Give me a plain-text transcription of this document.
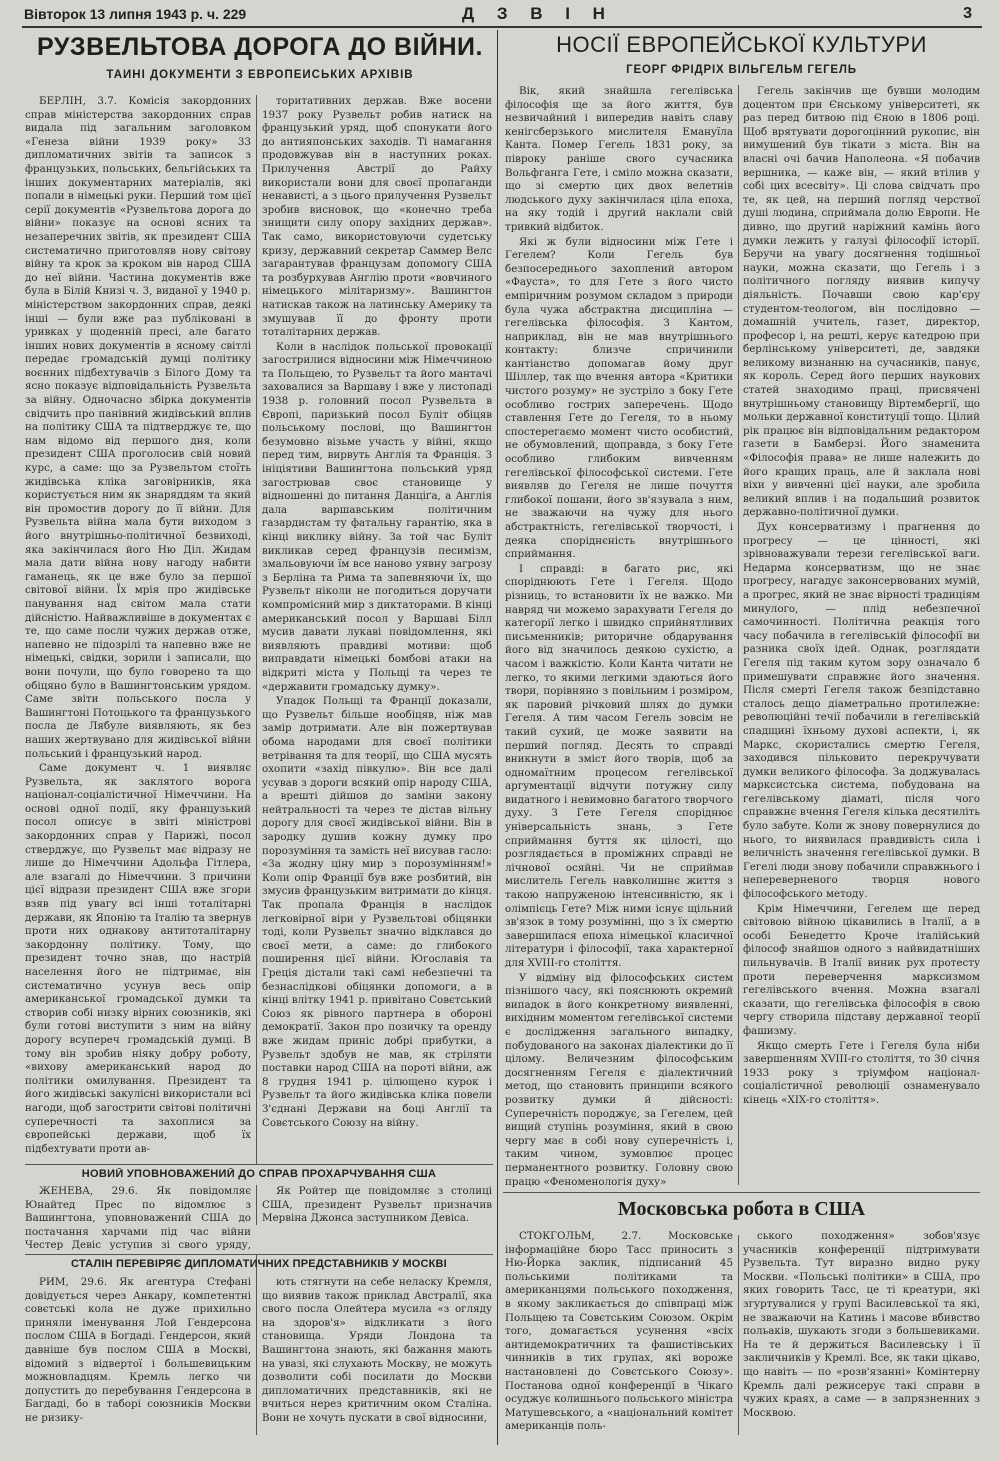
Вівторок 13 липня 1943 р. ч. 229	Д З В І Н	3
РУЗВЕЛЬТОВА ДОРОГА ДО ВІЙНИ.
ТАЙНІ ДОКУМЕНТИ З ЕВРОПЕЙСЬКИХ АРХІВІВ

БЕРЛІН, 3.7. Комісія закордонних справ міністерства закордонних справ видала під загальним заголовком «Генеза війни 1939 року» 33 дипломатичних звітів та записок з французьких, польських, бельгійських та інших документарних матеріалів, які попали в німецькі руки. Перший том цієї серії документів «Рузвельтова дорога до війни» показує на основі ясних та незаперечних звітів, як президент США систематично приготовляв нову світову війну та крок за кроком вів народ США до неї війни. Частина документів вже була в Білій Книзі ч. 3, виданої у 1940 р. міністерством закордонних справ, деякі інші — були вже раз публіковані в уривках у щоденній пресі, але багато інших нових документів в ясному світлі передає громадській думці політику воєнних підбехтувачів з Білого Дому та ясно показує відповідальність Рузвельта за війну. Одночасно збірка документів свідчить про панівний жидівський вплив на політику США та підтверджує те, що нам відомо від першого дня, коли президент США проголосив свій новий курс, а саме: що за Рузвельтом стоїть жидівська кліка заговірників, яка користується ним як знаряддям та який він промостив дорогу до її війни. Для Рузвельта війна мала бути виходом з його внутрішньо-політичної безвиході, яка закінчилася його Ню Діл. Жидам мала дати війна нову нагоду набити гаманець, як це вже було за першої світової війни. Їх мрія про жидівське панування над світом мала стати дійсністю. Найважливіше в документах є те, що саме посли чужих держав отже, напевно не підозрілі та напевно вже не німецькі, свідки, зорили і записали, що вони почули, що було говорено та що обіцяно було в Вашингтонським урядом. Саме звіти польського посла у Вашингтоні Потоцького та французького посла де Лябуле виявляють, як без наших жертвувано для жидівської війни польський і французький народ.

Саме документ ч. 1 виявляє Рузвельта, як заклятого ворога націонал-соціалістичної Німеччини. На основі одної події, яку французький посол описує в звіті міністрові закордонних справ у Парижі, посол стверджує, що Рузвельт має відразу не лише до Німеччини Адольфа Гітлера, але взагалі до Німеччини. З причини цієї відрази президент США вже згори взяв під увагу всі інші тоталітарні держави, як Японію та Італію та звернув проти них однакову антитоталітарну закордонну політику. Тому, що президент точно знав, що настрій населення його не підтримає, він систематично усунув весь опір американської громадської думки та створив собі низку вірних союзників, які були готові виступити з ним на війну дорогу всупереч громадській думці. В тому він зробив ніяку добру роботу, «вихову американський народ до політики омилування. Президент та його жидівські закулісні використали всі нагоди, щоб загострити світові політичні суперечності та захоплися за європейські держави, щоб їх підбехтувати проти ав-

торитативних держав. Вже восени 1937 року Рузвельт робив натиск на французький уряд, щоб спонукати його до антияпонських заходів. Ті намагання продовжував він в наступних роках. Прилучення Австрії до Райху використали вони для своєї пропаганди ненависті, а з цього прилучення Рузвельт зробив висновок, що «конечно треба знищити силу опору західних держав». Так само, використовуючи судетську кризу, державний секретар Саммер Велс загарантував французам допомогу США та розбурхував Англію проти «вовчиного німецького мілітаризму». Вашингтон натискав також на латинську Америку та змушував її до фронту проти тоталітарних держав.

Коли в наслідок польської провокації загострилися відносини між Німеччиною та Польщею, то Рузвельт та його мантачі заховалися за Варшаву і вже у листопаді 1938 р. головний посол Рузвельта в Європі, паризький посол Буліт обіцяв польському послові, що Вашингтон безумовно візьме участь у війні, якщо перед тим, вирвуть Англія та Франція. З ініціятиви Вашингтона польський уряд загострював своє становище у відношенні до питання Данціґа, а Англія дала варшавським політичним газардистам ту фатальну гарантію, яка в кінці виклику війну. За той час Буліт викликав серед французів песимізм, змальовуючи їм все наново уявну загрозу з Берліна та Рима та запевняючи їх, що Рузвельт ніколи не погодиться доручати компромісний мир з диктаторами. В кінці американський посол у Варшаві Білл мусив давати лукаві повідомлення, які виявляють правдиві мотиви: щоб виправдати німецькі бомбові атаки на відкриті міста у Польщі та через те «державити громадську думку».

Упадок Польщі та Франції доказали, що Рузвельт більше нообіцяв, ніж мав замір дотримати. Але він пожертвував обома народами для своєї політики ветрівання та для теорії, що США мусять охопити «захід півкулю». Він все далі усував з дороги всякий опір народу США, а врешті дійшов до заміни закону нейтральності та через те дістав вільну дорогу для своєї жидівської війни. Він в зародку душив кожну думку про порозуміння та замість неї висував гасло: «За жодну ціну мир з порозумінням!» Коли опір Франції був вже розбитий, він змусив французьким витримати до кінця. Так пропала Франція в наслідок легковірної віри у Рузвельтові обіцянки тоді, коли Рузвельт значно відклався до своєї мети, а саме: до глибокого поширення цієї війни. Югославія та Греція дістали такі самі небезпечні та безнаслідкові обіцянки допомоги, а в кінці влітку 1941 р. привітано Совєтський Союз як рівного партнера в обороні демократії. Закон про позичку та оренду вже жидам приніс добрі прибутки, а Рузвельт здобув не мав, як стріляти поставки народ США на пороті війни, аж 8 грудня 1941 р. цілющено курок і Рузвельт та його жидівська кліка повели З'єднані Держави на боці Англії та Совєтського Союзу на війну.

НОВИЙ УПОВНОВАЖЕНИЙ ДО СПРАВ ПРОХАРЧУВАННЯ США

ЖЕНЕВА, 29.6. Як повідомляє Юнайтед Прес по відомлює з Вашингтона, уповноважений США до постачання харчами під час війни Честер Девіс уступив зі свого уряду,

Як Ройтер ще повідомляє з столиці США, президент Рузвельт призначив Мервіна Джонса заступником Девіса.

СТАЛІН ПЕРЕВІРЯЄ ДИПЛОМАТИЧНИХ ПРЕДСТАВНИКІВ У МОСКВІ

РИМ, 29.6. Як агентура Стефані довідується через Анкару, компетентні совєтські кола не дуже прихильно приняли іменування Лой Гендерсона послом США в Богдаді. Гендерсон, який давніше був послом США в Москві, відомий з відвертої і большевицьким можновладцям. Кремль легко чи допустить до перебування Гендерсона в Багдаді, бо в таборі союзників Москви не ризику-

ють стягнути на себе неласку Кремля, що виявив також приклад Австралії, яка свого посла Олейтера мусила «з огляду на здоров'я» відкликати з його становища. Уряди Лондона та Вашингтона знають, які бажання мають на увазі, які слухають Москву, не можуть дозволити собі посилати до Москви дипломатичних представників, які не вчиться нерез критичним оком Сталіна. Вони не хочуть пускати в свої відносини,

НОСІЇ ЕВРОПЕЙСЬКОЇ КУЛЬТУРИ
ГЕОРГ ФРІДРІХ ВІЛЬГЕЛЬМ ГЕГЕЛЬ

Вік, який знайшла гегелівська філософія ще за його життя, був незвичайний і випередив навіть славу кенігсберзького мислителя Емануїла Канта. Помер Гегель 1831 року, за півроку раніше свого сучасника Вольфганга Гете, і сміло можна сказати, що зі смертю цих двох велетнів людського духу закінчилася ціла епоха, на яку тодій і другий наклали свій тривкий відбиток.

Які ж були відносини між Гете і Гегелем? Коли Гегель був безпосереднього захоплений автором «Фауста», то для Гете з його чисто емпіричним розумом складом з природи була чужа абстрактна дисципліна — гегелівська філософія. З Кантом, наприклад, він не мав внутрішнього контакту: близче спричинили кантіанство допомагав йому друг Шіллер, так що вчення автора «Критики чистого розуму» не зустріло з боку Гете особливо гострих заперечень. Щодо ставлення Гете до Гегеля, то в ньому спостерегаємо момент чисто особистий, не обумовлений, щоправда, з боку Гете особливо глибоким вивченням гегелівської філософської системи. Гете виявляв до Гегеля не лише почуття глибокої пошани, його зв'язувала з ним, не зважаючи на чужу для нього абстрактність, гегелівської творчості, і деяка споріднєність внутрішнього сприймання.

І справді: в багато рис, які споріднюють Гете і Гегеля. Щодо різниць, то встановити їх не важко. Ми навряд чи можемо зарахувати Гегеля до категорії легко і швидко сприйнятливих письменників; риторичне обдарування його від значилось деякою сухістю, а часом і важкістю. Коли Канта читати не легко, то якими легкими здаються його твори, порівняно з повільним і розміром, як паровий річковий шлях до думки Гегеля. А тим часом Гегель зовсім не такий сухий, це може заявити на перший погляд. Десять то справді вникнути в зміст його творів, щоб за одномаїтним процесом гегелівської аргументації відчути потужну силу видатного і невимовно багатого творчого духу. З Гете Гегеля споріднює універсальність знань, з Гете сприймання буття як цілості, що розглядається в проміжних справді не лічнової осяйні. Чи не сприймав мислитель Гегель навколишнє життя з такою напруженою інтенсивністю, як і олімпієць Гете? Між ними існує щільний зв'язок в тому розумінні, що з їх смертю завершилася епоха німецької класичної літератури і філософії, така характерної для XVIII-го століття.

У відміну від філософських систем пізнішого часу, які пояснюють окремий випадок в його конкретному виявленні, вихідним моментом гегелівської системи є дослідження загального випадку, побудованого на законах діалектики до її цілому. Величезним філософським досягненням Гегеля є діалектичний метод, що становить принципи всякого розвитку думки й дійсності: Суперечність породжує, за Гегелем, цей вищий ступінь розуміння, який в свою чергу має в собі нову суперечність і, таким чином, зумовлює процес перманентного розвитку. Головну свою працю «Феноменологія духу»

Гегель закінчив ще бувши молодим доцентом при Єнському університеті, як раз перед битвою під Єною в 1806 році. Щоб врятувати дорогоцінний рукопис, він вимушений був тікати з міста. Він на власні очі бачив Наполеона. «Я побачив вершника, — каже він, — який втілив у собі цих всесвіту». Ці слова свідчать про те, як цей, на перший погляд черствої душі людина, сприймала долю Европи. Не дивно, що другий наріжний камінь його думки лежить у галузі філософії історії. Беручи на увагу досягнення тодішньої науки, можна сказати, що Гегель і з політичного погляду виявив кипучу діяльність. Почавши свою кар'єру студентом-теологом, він послідовно — домашній учитель, газет, директор, професор і, на решті, керує катедрою при берлінському університеті, де, завдяки великому визнанню на сучасників, панує, як король. Серед його перших наукових статей знаходимо праці, присвячені внутрішньому становищу Віртембергії, що мольки державної конституції тощо. Цілий рік працює він відповідальним редактором газети в Бамберзі. Його знаменита «Філософія права» не лише належить до його кращих праць, але й заклала нові віхи у вивченні цієї науки, але зробила великий вплив і на подальший розвиток державно-політичної думки.

Дух консерватизму і прагнення до прогресу — це цінності, які зрівноважували терези гегелівської ваги. Недарма консерватизм, що не знає прогресу, нагадує законсервованих мумій, а прогрес, який не знає вірності традиціям минулого, — плід небезпечної самочинності. Політична реакція того часу побачила в гегелівській філософії ви разника своїх ідей. Однак, розглядати Гегеля під таким кутом зору означало б примешувати справжнє його значення. Після смерті Гегеля також безпідставно сталось дещо діаметрально протилежне: революційні течії побачили в гегелівській спадщині їхньому духові аспекти, і, як Маркс, скористались смертю Гегеля, заходився пільковито перекручувати думки великого філософа. За доджувалась марксистська система, побудована на гегелівському діаматі, після чого справжнє вчення Гегеля кілька десятиліть було забуте. Коли ж знову повернулися до нього, то виявилася правдивість сила і величність значення гегелівської думки. В Гегелі люди знову побачили справжнього і непереверненого творця нового філософського методу.

Крім Німеччини, Гегелем ще перед світовою війною цікавились в Італії, а в особі Бенедетто Кроче італійський філософ знайшов одного з найвидатніших пильнувачів. В Італії виник рух протесту проти переверчення марксизмом гегелівського вчення. Можна взагалі сказати, що гегелівська філософія в свою чергу створила підставу державної теорії фашизму.

Якщо смерть Гете і Гегеля була ніби завершенням XVIII-го століття, то 30 січня 1933 року з тріумфом націонал-соціалістичної революції ознаменувало кінець «XIX-го століття».

Московська робота в США

СТОКГОЛЬМ, 2.7. Московське інформаційне бюро Тасс приносить з Ню-Йорка заклик, підписаний 45 польськими політиками та американцями польського походження, в якому закликається до співпраці між Польщею та Совєтським Союзом. Окрім того, домагається усунення «всіх антидемократичних та фашистівських чинників в тих групах, які вороже настановлені до Совєтського Союзу». Постанова одної конференції в Чікаго осуджує колишнього польського міністра Матушевського, а «національний комітет американців поль-

ського походження» зобов'язує учасників конференції підтримувати Рузвельта. Тут виразно видно руку Москви. «Польські політики» в США, про яких говорить Тасс, це ті креатури, які згуртувалися у групі Василевської та які, не зважаючи на Катинь і масове вбивство польаків, шукають згоди з большевиками. На те й держиться Василевську і її закличників у Кремлі. Все, як таки цікаво, що навіть — по «розв'язанні» Комінтерну Кремль далі режисерує такі справи в чужих краях, а саме — в запрязненних з Москвою.
